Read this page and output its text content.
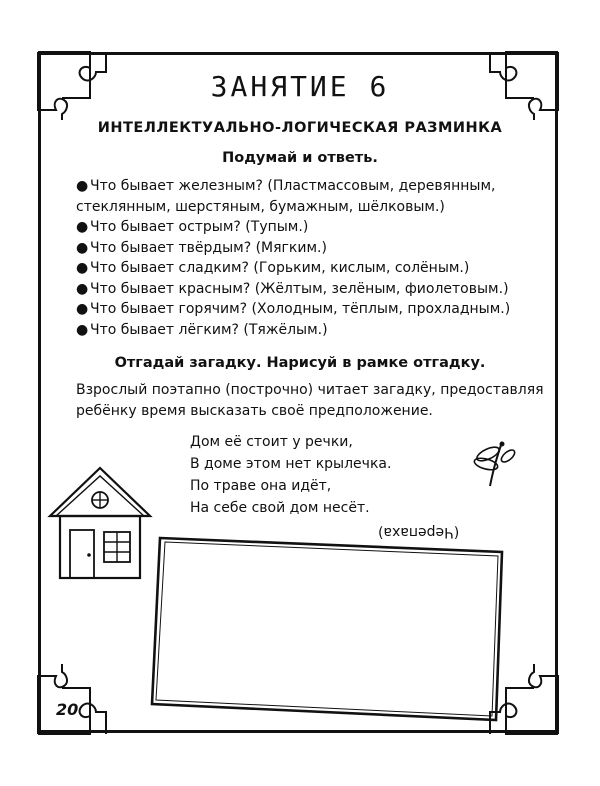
ЗАНЯТИЕ 6
ИНТЕЛЛЕКТУАЛЬНО-ЛОГИЧЕСКАЯ РАЗМИНКА
Подумай и ответь.
● Что бывает железным? (Пластмассовым, деревянным, стеклянным, шерстяным, бумажным, шёлковым.)
● Что бывает острым? (Тупым.)
● Что бывает твёрдым? (Мягким.)
● Что бывает сладким? (Горьким, кислым, солёным.)
● Что бывает красным? (Жёлтым, зелёным, фиолетовым.)
● Что бывает горячим? (Холодным, тёплым, прохладным.)
● Что бывает лёгким? (Тяжёлым.)
Отгадай загадку. Нарисуй в рамке отгадку.
Взрослый поэтапно (построчно) читает загадку, предоставляя ребёнку время высказать своё предположение.
Дом её стоит у речки,
В доме этом нет крылечка.
По траве она идёт,
На себе свой дом несёт.
(Черепаха)
20
